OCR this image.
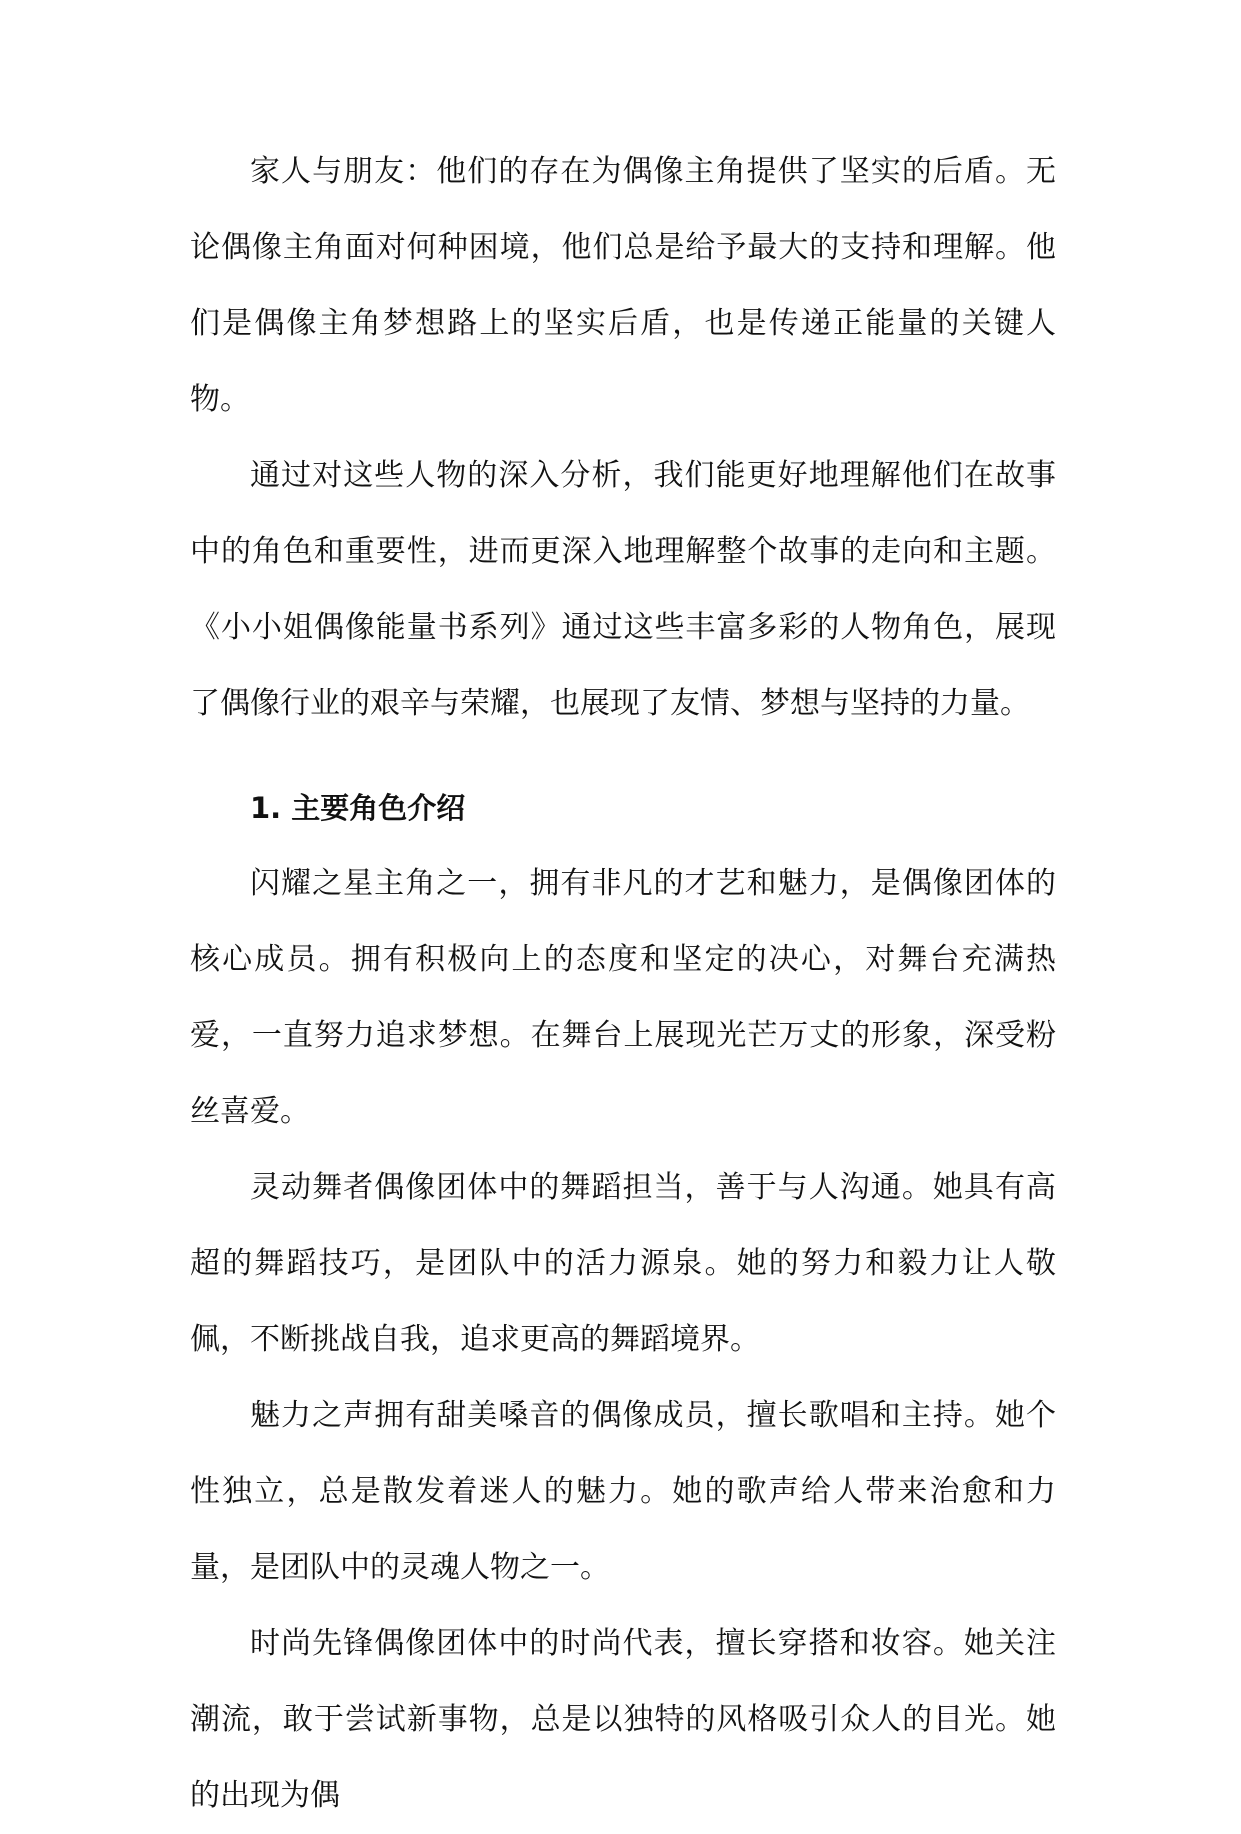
家人与朋友：他们的存在为偶像主角提供了坚实的后盾。无论偶像主角面对何种困境，他们总是给予最大的支持和理解。他们是偶像主角梦想路上的坚实后盾，也是传递正能量的关键人物。

通过对这些人物的深入分析，我们能更好地理解他们在故事中的角色和重要性，进而更深入地理解整个故事的走向和主题。《小小姐偶像能量书系列》通过这些丰富多彩的人物角色，展现了偶像行业的艰辛与荣耀，也展现了友情、梦想与坚持的力量。

1. 主要角色介绍

闪耀之星主角之一，拥有非凡的才艺和魅力，是偶像团体的核心成员。拥有积极向上的态度和坚定的决心，对舞台充满热爱，一直努力追求梦想。在舞台上展现光芒万丈的形象，深受粉丝喜爱。

灵动舞者偶像团体中的舞蹈担当，善于与人沟通。她具有高超的舞蹈技巧，是团队中的活力源泉。她的努力和毅力让人敬佩，不断挑战自我，追求更高的舞蹈境界。

魅力之声拥有甜美嗓音的偶像成员，擅长歌唱和主持。她个性独立，总是散发着迷人的魅力。她的歌声给人带来治愈和力量，是团队中的灵魂人物之一。

时尚先锋偶像团体中的时尚代表，擅长穿搭和妆容。她关注潮流，敢于尝试新事物，总是以独特的风格吸引众人的目光。她的出现为偶
